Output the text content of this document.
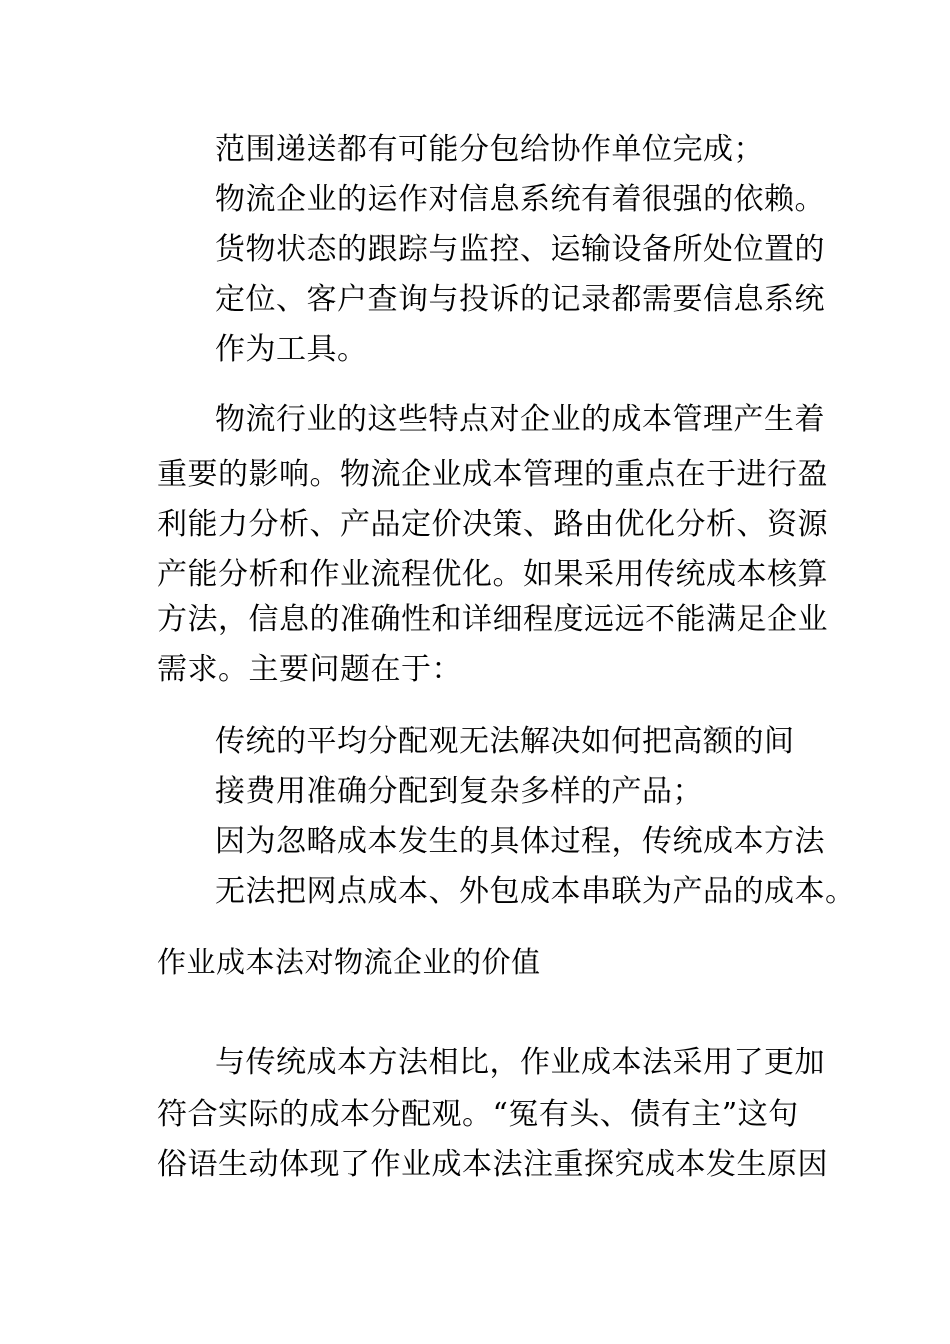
范围递送都有可能分包给协作单位完成；
物流企业的运作对信息系统有着很强的依赖。
货物状态的跟踪与监控、运输设备所处位置的
定位、客户查询与投诉的记录都需要信息系统
作为工具。
物流行业的这些特点对企业的成本管理产生着
重要的影响。物流企业成本管理的重点在于进行盈
利能力分析、产品定价决策、路由优化分析、资源
产能分析和作业流程优化。如果采用传统成本核算
方法，信息的准确性和详细程度远远不能满足企业
需求。主要问题在于：
传统的平均分配观无法解决如何把高额的间
接费用准确分配到复杂多样的产品；
因为忽略成本发生的具体过程，传统成本方法
无法把网点成本、外包成本串联为产品的成本。
作业成本法对物流企业的价值
与传统成本方法相比，作业成本法采用了更加
符合实际的成本分配观。“冤有头、债有主”这句
俗语生动体现了作业成本法注重探究成本发生原因
